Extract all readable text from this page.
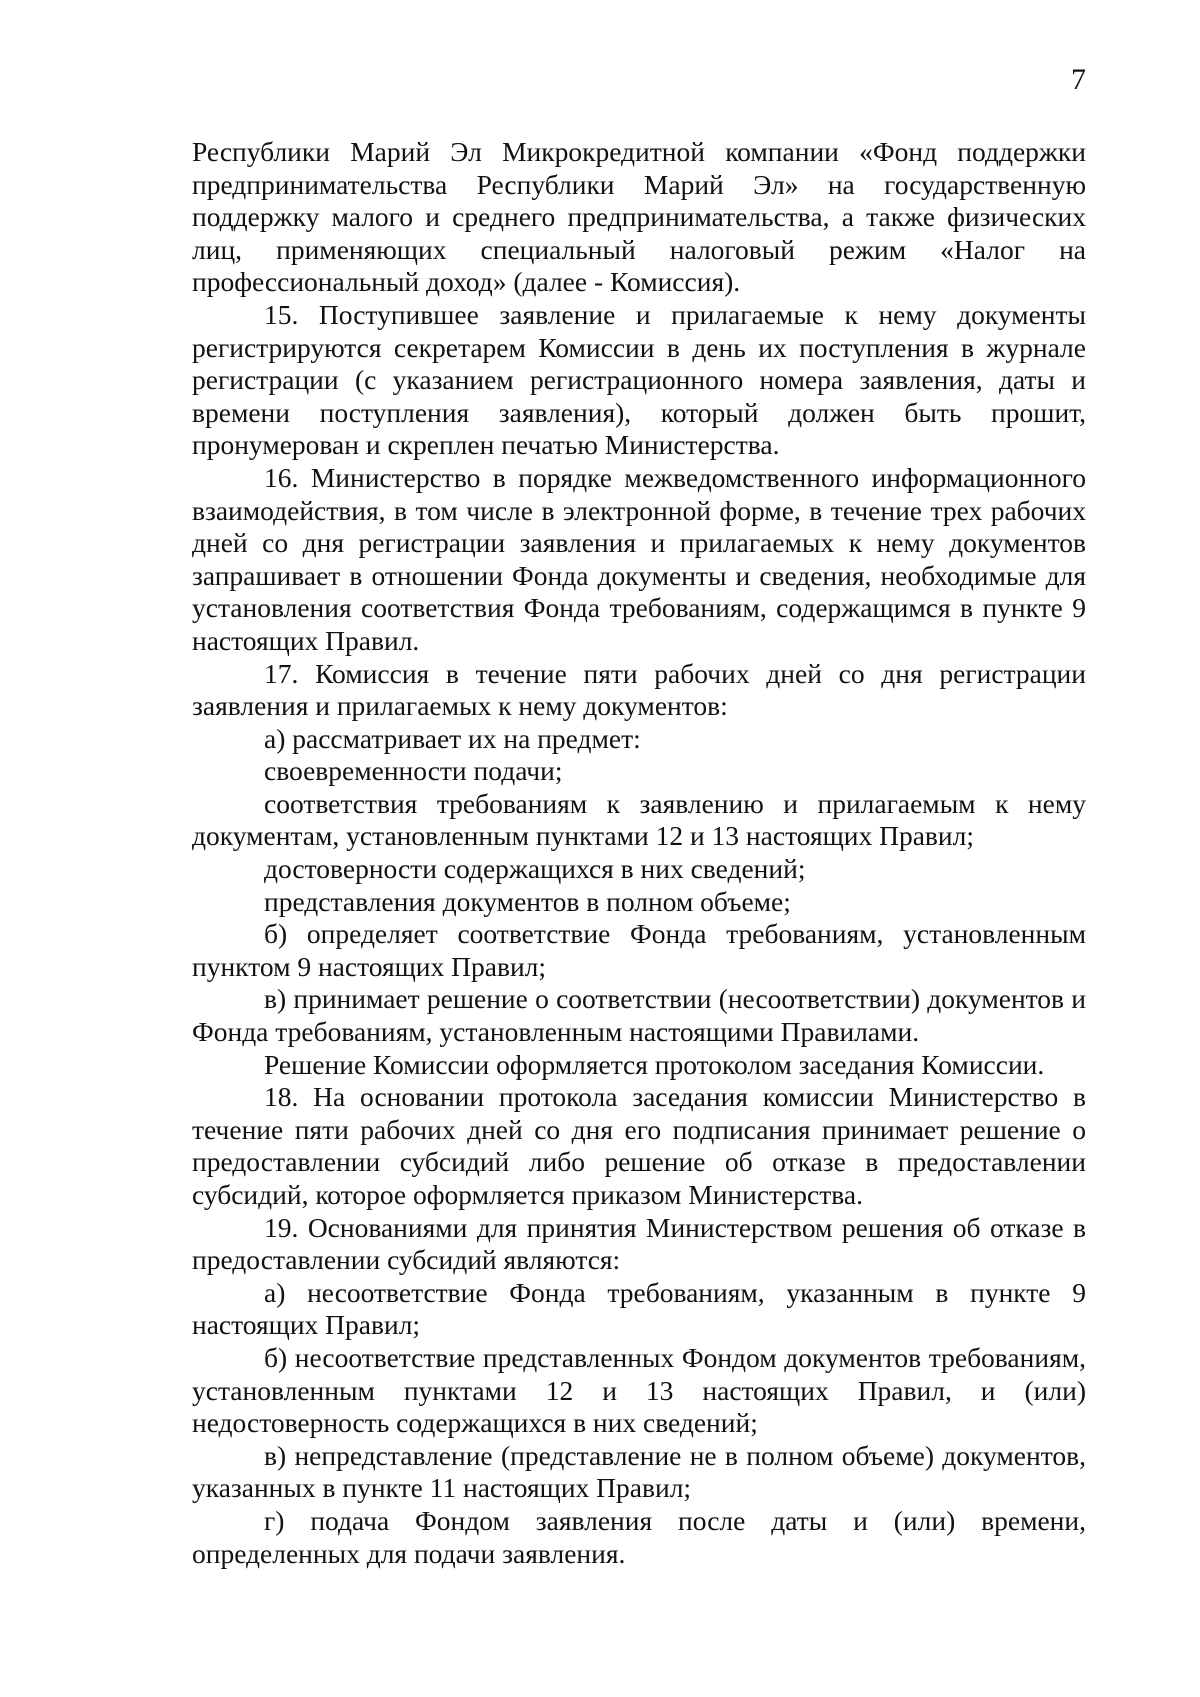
7

Республики Марий Эл Микрокредитной компании «Фонд поддержки предпринимательства Республики Марий Эл» на государственную поддержку малого и среднего предпринимательства, а также физических лиц, применяющих специальный налоговый режим «Налог на профессиональный доход» (далее - Комиссия).

15. Поступившее заявление и прилагаемые к нему документы регистрируются секретарем Комиссии в день их поступления в журнале регистрации (с указанием регистрационного номера заявления, даты и времени поступления заявления), который должен быть прошит, пронумерован и скреплен печатью Министерства.

16. Министерство в порядке межведомственного информационного взаимодействия, в том числе в электронной форме, в течение трех рабочих дней со дня регистрации заявления и прилагаемых к нему документов запрашивает в отношении Фонда документы и сведения, необходимые для установления соответствия Фонда требованиям, содержащимся в пункте 9 настоящих Правил.

17. Комиссия в течение пяти рабочих дней со дня регистрации заявления и прилагаемых к нему документов:

а) рассматривает их на предмет:

своевременности подачи;

соответствия требованиям к заявлению и прилагаемым к нему документам, установленным пунктами 12 и 13 настоящих Правил;

достоверности содержащихся в них сведений;

представления документов в полном объеме;

б) определяет соответствие Фонда требованиям, установленным пунктом 9 настоящих Правил;

в) принимает решение о соответствии (несоответствии) документов и Фонда требованиям, установленным настоящими Правилами.

Решение Комиссии оформляется протоколом заседания Комиссии.

18. На основании протокола заседания комиссии Министерство в течение пяти рабочих дней со дня его подписания принимает решение о предоставлении субсидий либо решение об отказе в предоставлении субсидий, которое оформляется приказом Министерства.

19. Основаниями для принятия Министерством решения об отказе в предоставлении субсидий являются:

а) несоответствие Фонда требованиям, указанным в пункте 9 настоящих Правил;

б) несоответствие представленных Фондом документов требованиям, установленным пунктами 12 и 13 настоящих Правил, и (или) недостоверность содержащихся в них сведений;

в) непредставление (представление не в полном объеме) документов, указанных в пункте 11 настоящих Правил;

г) подача Фондом заявления после даты и (или) времени, определенных для подачи заявления.
